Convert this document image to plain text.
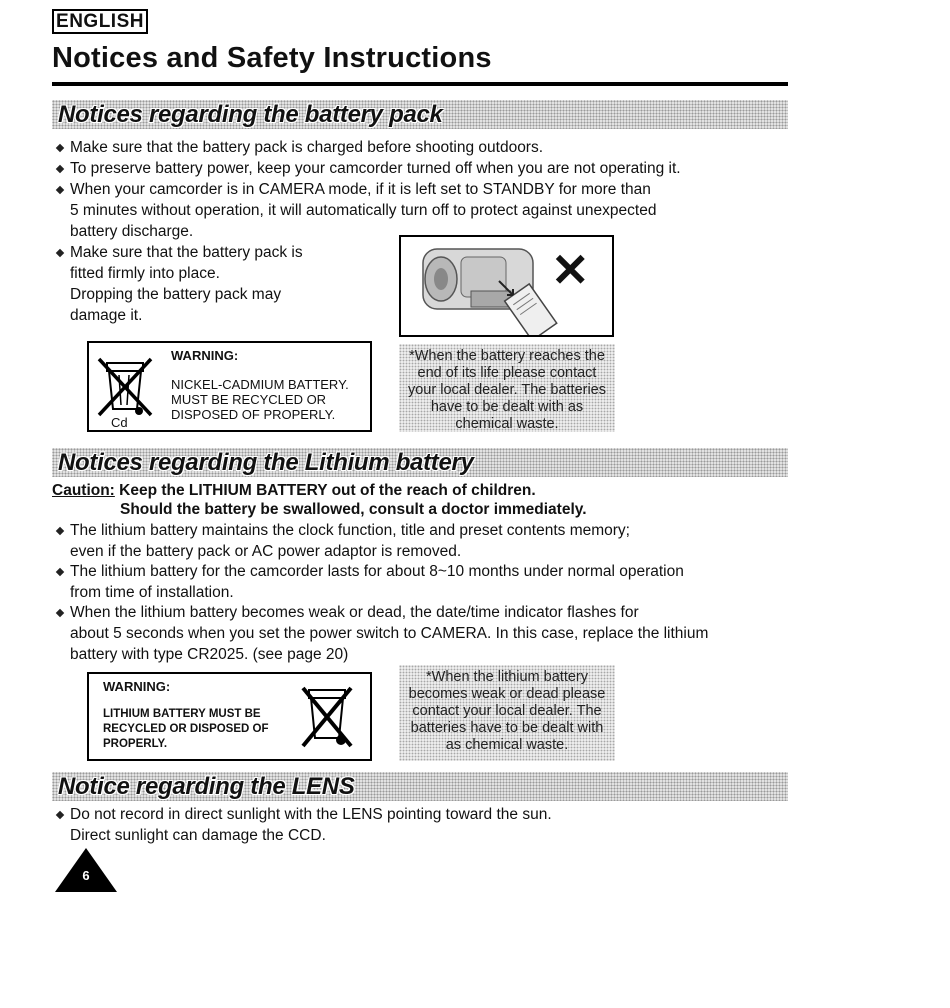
ENGLISH
Notices and Safety Instructions
Notices regarding the battery pack
Make sure that the battery pack is charged before shooting outdoors.
To preserve battery power, keep your camcorder turned off when you are not operating it.
When your camcorder is in CAMERA mode, if it is left set to STANDBY for more than
5 minutes without operation, it will automatically turn off to protect against unexpected
battery discharge.
Make sure that the battery pack is
fitted firmly into place.
Dropping the battery pack may
damage it.
✕
Cd
WARNING:
NICKEL-CADMIUM BATTERY.
MUST BE RECYCLED OR
DISPOSED OF PROPERLY.
*When the battery reaches the
end of its life please contact
your local dealer. The batteries
have to be dealt with as
chemical waste.
Notices regarding the Lithium battery
Caution: Keep the LITHIUM BATTERY out of the reach of children.
Should the battery be swallowed, consult a doctor immediately.
The lithium battery maintains the clock function, title and preset contents memory;
even if the battery pack or AC power adaptor is removed.
The lithium battery for the camcorder lasts for about 8~10 months under normal operation
from time of installation.
When the lithium battery becomes weak or dead, the date/time indicator flashes for
about 5 seconds when you set the power switch to CAMERA. In this case, replace the lithium
battery with type CR2025. (see page 20)
WARNING:
LITHIUM BATTERY MUST BE
RECYCLED OR DISPOSED OF
PROPERLY.
*When the lithium battery
becomes weak or dead please
contact your local dealer. The
batteries have to be dealt with
as chemical waste.
Notice regarding the LENS
Do not record in direct sunlight with the LENS pointing toward the sun.
Direct sunlight can damage the CCD.
6
